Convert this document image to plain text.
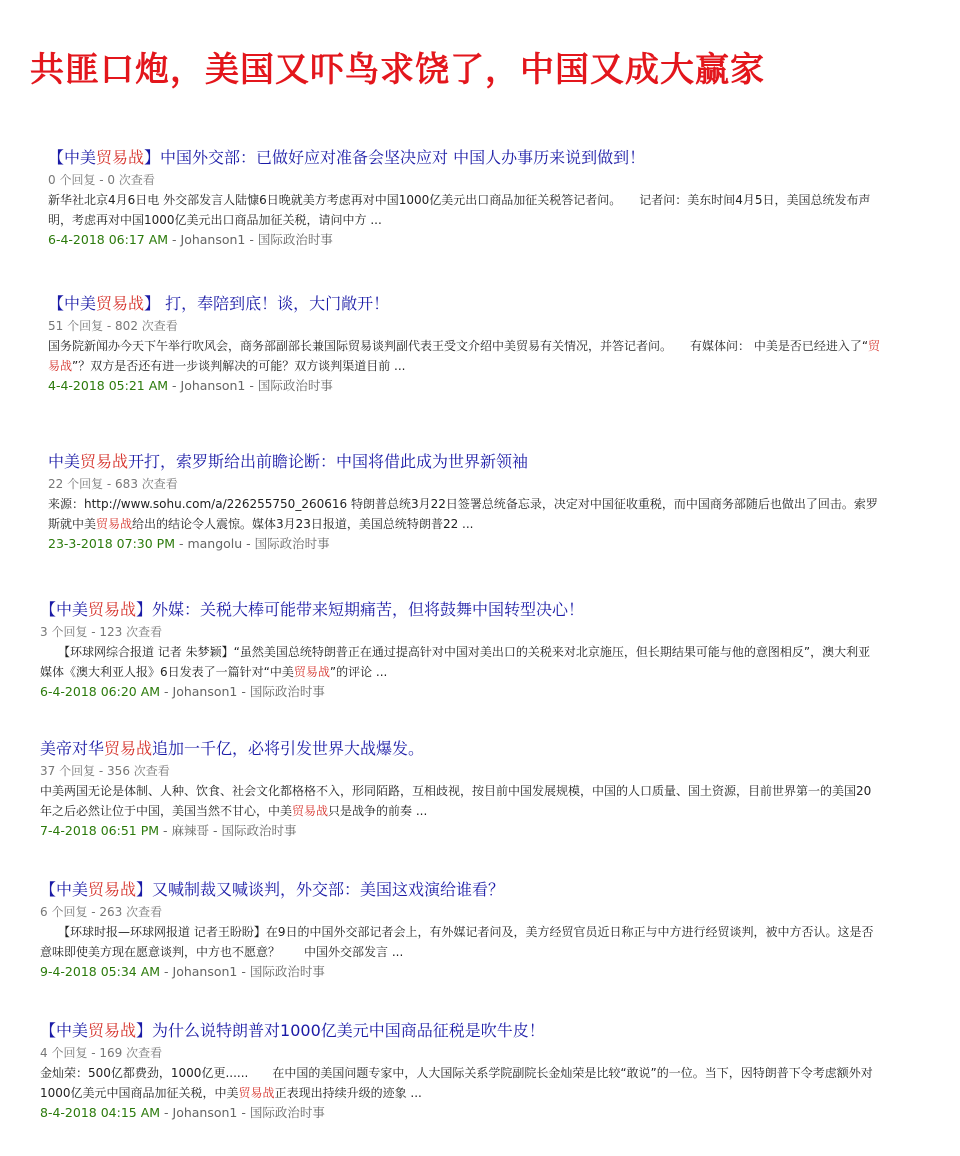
共匪口炮，美国又吓鸟求饶了，中国又成大赢家
【中美贸易战】中国外交部：已做好应对准备会坚决应对 中国人办事历来说到做到！
0 个回复 - 0 次查看
新华社北京4月6日电 外交部发言人陆慷6日晚就美方考虑再对中国1000亿美元出口商品加征关税答记者问。　　记者问：美东时间4月5日，美国总统发布声明，考虑再对中国1000亿美元出口商品加征关税，请问中方 ...
6-4-2018 06:17 AM - Johanson1 - 国际政治时事
【中美贸易战】 打，奉陪到底！谈，大门敞开！
51 个回复 - 802 次查看
国务院新闻办今天下午举行吹风会，商务部副部长兼国际贸易谈判副代表王受文介绍中美贸易有关情况，并答记者问。　　有媒体问： 中美是否已经进入了“贸易战”？双方是否还有进一步谈判解决的可能？双方谈判渠道目前 ...
4-4-2018 05:21 AM - Johanson1 - 国际政治时事
中美贸易战开打，索罗斯给出前瞻论断：中国将借此成为世界新领袖
22 个回复 - 683 次查看
来源：http://www.sohu.com/a/226255750_260616 特朗普总统3月22日签署总统备忘录，决定对中国征收重税，而中国商务部随后也做出了回击。索罗斯就中美贸易战给出的结论令人震惊。媒体3月23日报道，美国总统特朗普22 ...
23-3-2018 07:30 PM - mangolu - 国际政治时事
【中美贸易战】外媒：关税大棒可能带来短期痛苦，但将鼓舞中国转型决心！
3 个回复 - 123 次查看
　　【环球网综合报道 记者 朱梦颖】“虽然美国总统特朗普正在通过提高针对中国对美出口的关税来对北京施压，但长期结果可能与他的意图相反”，澳大利亚媒体《澳大利亚人报》6日发表了一篇针对“中美贸易战”的评论 ...
6-4-2018 06:20 AM - Johanson1 - 国际政治时事
美帝对华贸易战追加一千亿，必将引发世界大战爆发。
37 个回复 - 356 次查看
中美两国无论是体制、人种、饮食、社会文化都格格不入，形同陌路，互相歧视，按目前中国发展规模，中国的人口质量、国土资源，目前世界第一的美国20年之后必然让位于中国，美国当然不甘心，中美贸易战只是战争的前奏 ...
7-4-2018 06:51 PM - 麻辣哥 - 国际政治时事
【中美贸易战】又喊制裁又喊谈判，外交部：美国这戏演给谁看？
6 个回复 - 263 次查看
　　【环球时报—环球网报道 记者王盼盼】在9日的中国外交部记者会上，有外媒记者问及，美方经贸官员近日称正与中方进行经贸谈判，被中方否认。这是否意味即使美方现在愿意谈判，中方也不愿意？　　中国外交部发言 ...
9-4-2018 05:34 AM - Johanson1 - 国际政治时事
【中美贸易战】为什么说特朗普对1000亿美元中国商品征税是吹牛皮！
4 个回复 - 169 次查看
金灿荣：500亿都费劲，1000亿更......　　在中国的美国问题专家中，人大国际关系学院副院长金灿荣是比较“敢说”的一位。当下，因特朗普下令考虑额外对1000亿美元中国商品加征关税，中美贸易战正表现出持续升级的迹象 ...
8-4-2018 04:15 AM - Johanson1 - 国际政治时事
